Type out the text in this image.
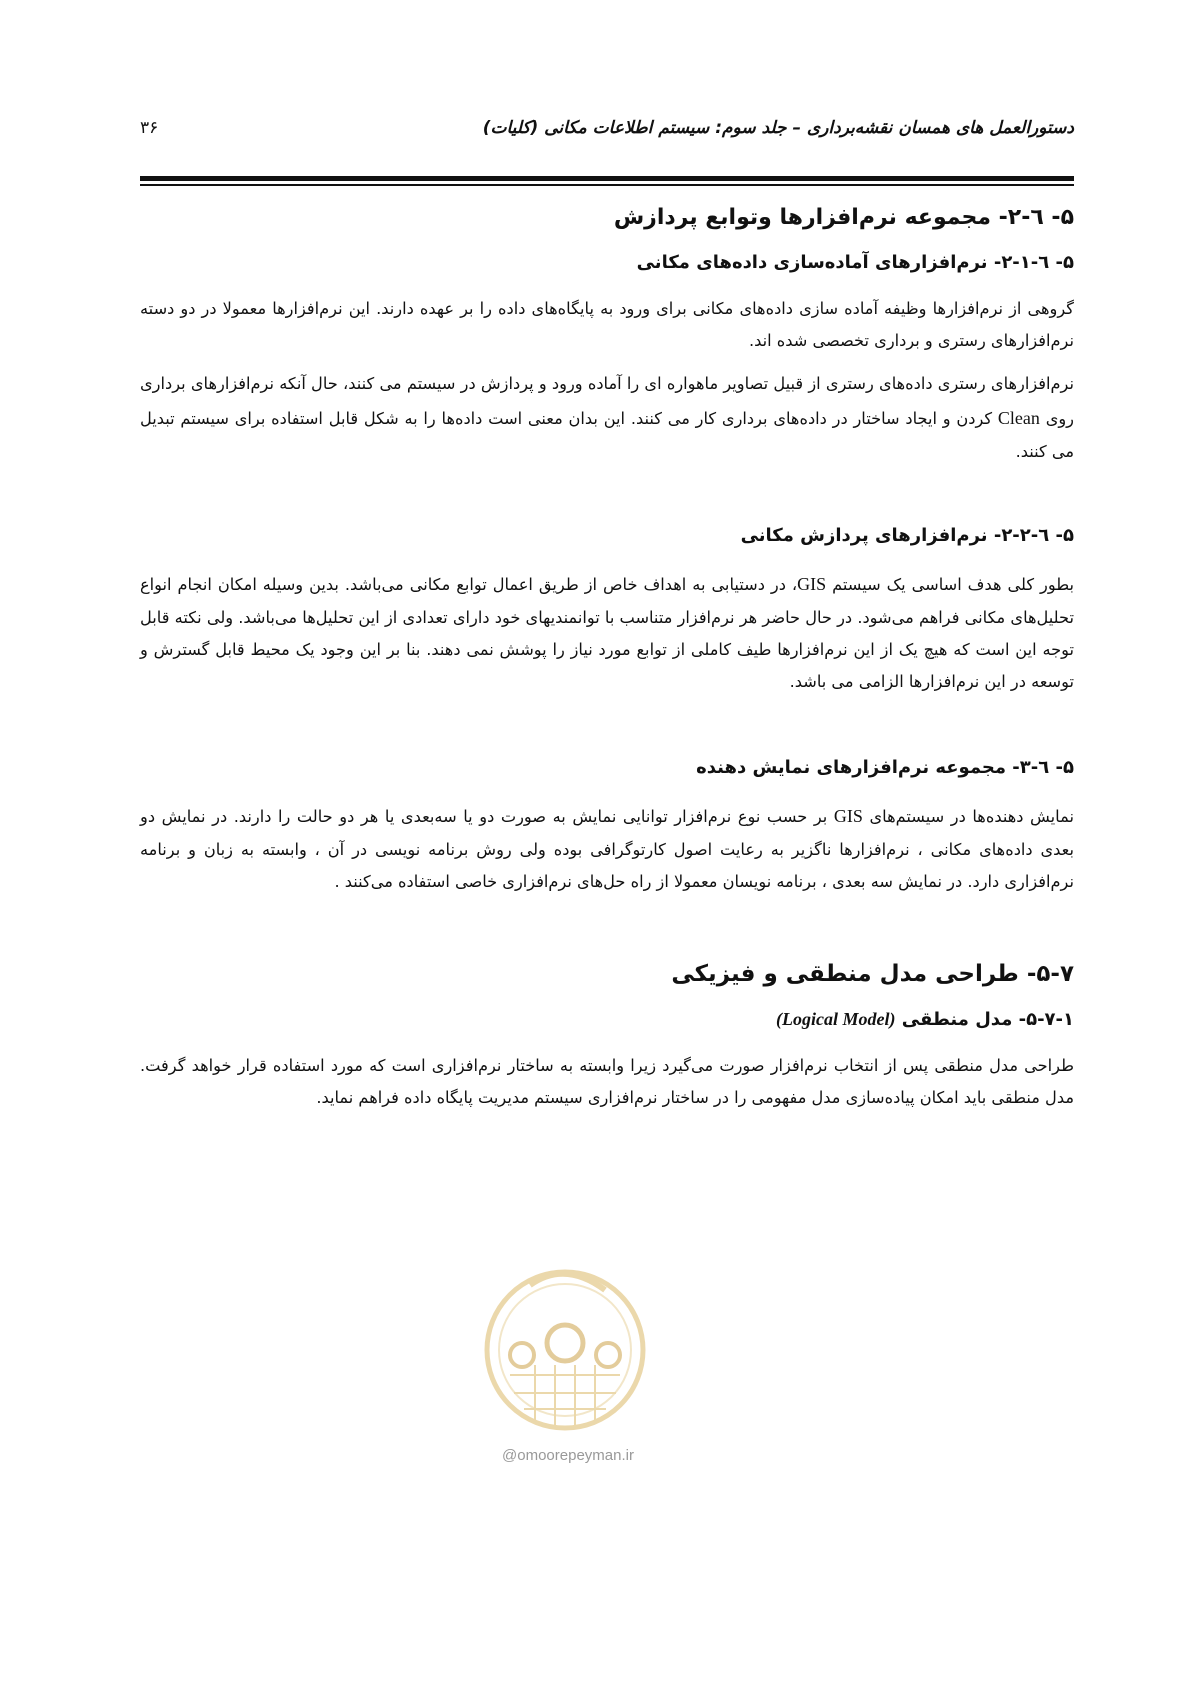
۳۶	دستورالعمل های همسان نقشه‌برداری – جلد سوم: سیستم اطلاعات مکانی (کلیات)
۵- ٦-۲- مجموعه نرم‌افزارها وتوابع پردازش
۵- ٦-۲-۱- نرم‌افزارهای آماده‌سازی داده‌های مکانی

گروهی از نرم‌افزارها وظیفه آماده سازی داده‌های مکانی برای ورود به پایگاه‌های داده را بر عهده دارند. این نرم‌افزارها معمولا در دو دسته نرم‌افزارهای رستری و برداری تخصصی شده اند.

نرم‌افزارهای رستری داده‌های رستری از قبیل تصاویر ماهواره ای را آماده ورود و پردازش در سیستم می کنند، حال آنکه نرم‌افزارهای برداری روی Clean کردن و ایجاد ساختار در داده‌های برداری کار می کنند. این بدان معنی است داده‌ها را به شکل قابل استفاده برای سیستم تبدیل می کنند.

۵- ٦-۲-۲- نرم‌افزارهای پردازش مکانی

بطور کلی هدف اساسی یک سیستم GIS، در دستیابی به اهداف خاص از طریق اعمال توابع مکانی می‌باشد. بدین وسیله امکان انجام انواع تحلیل‌های مکانی فراهم می‌شود. در حال حاضر هر نرم‌افزار متناسب با توانمندیهای خود دارای تعدادی از این تحلیل‌ها می‌باشد. ولی نکته قابل توجه این است که هیچ یک از این نرم‌افزارها طیف کاملی از توابع مورد نیاز را پوشش نمی دهند. بنا بر این وجود یک محیط قابل گسترش و توسعه در این نرم‌افزارها الزامی می باشد.

۵- ٦-۳- مجموعه نرم‌افزارهای نمایش دهنده

نمایش دهنده‌ها در سیستم‌های GIS بر حسب نوع نرم‌افزار توانایی نمایش به صورت دو یا سه‌بعدی یا هر دو حالت را دارند. در نمایش دو بعدی داده‌های مکانی ، نرم‌افزارها ناگزیر به رعایت اصول کارتوگرافی بوده ولی روش برنامه نویسی در آن ، وابسته به زبان و برنامه نرم‌افزاری دارد. در نمایش سه بعدی ، برنامه نویسان معمولا از راه حل‌های نرم‌افزاری خاصی استفاده می‌کنند .

۵-۷- طراحی مدل منطقی و فیزیکی
۵-۷-۱- مدل منطقی (Logical Model)

طراحی مدل منطقی پس از انتخاب نرم‌افزار صورت می‌گیرد زیرا وابسته به ساختار نرم‌افزاری است که مورد استفاده قرار خواهد گرفت. مدل منطقی باید امکان پیاده‌سازی مدل مفهومی را در ساختار نرم‌افزاری سیستم مدیریت پایگاه داده فراهم نماید.

@omoorepeyman.ir
